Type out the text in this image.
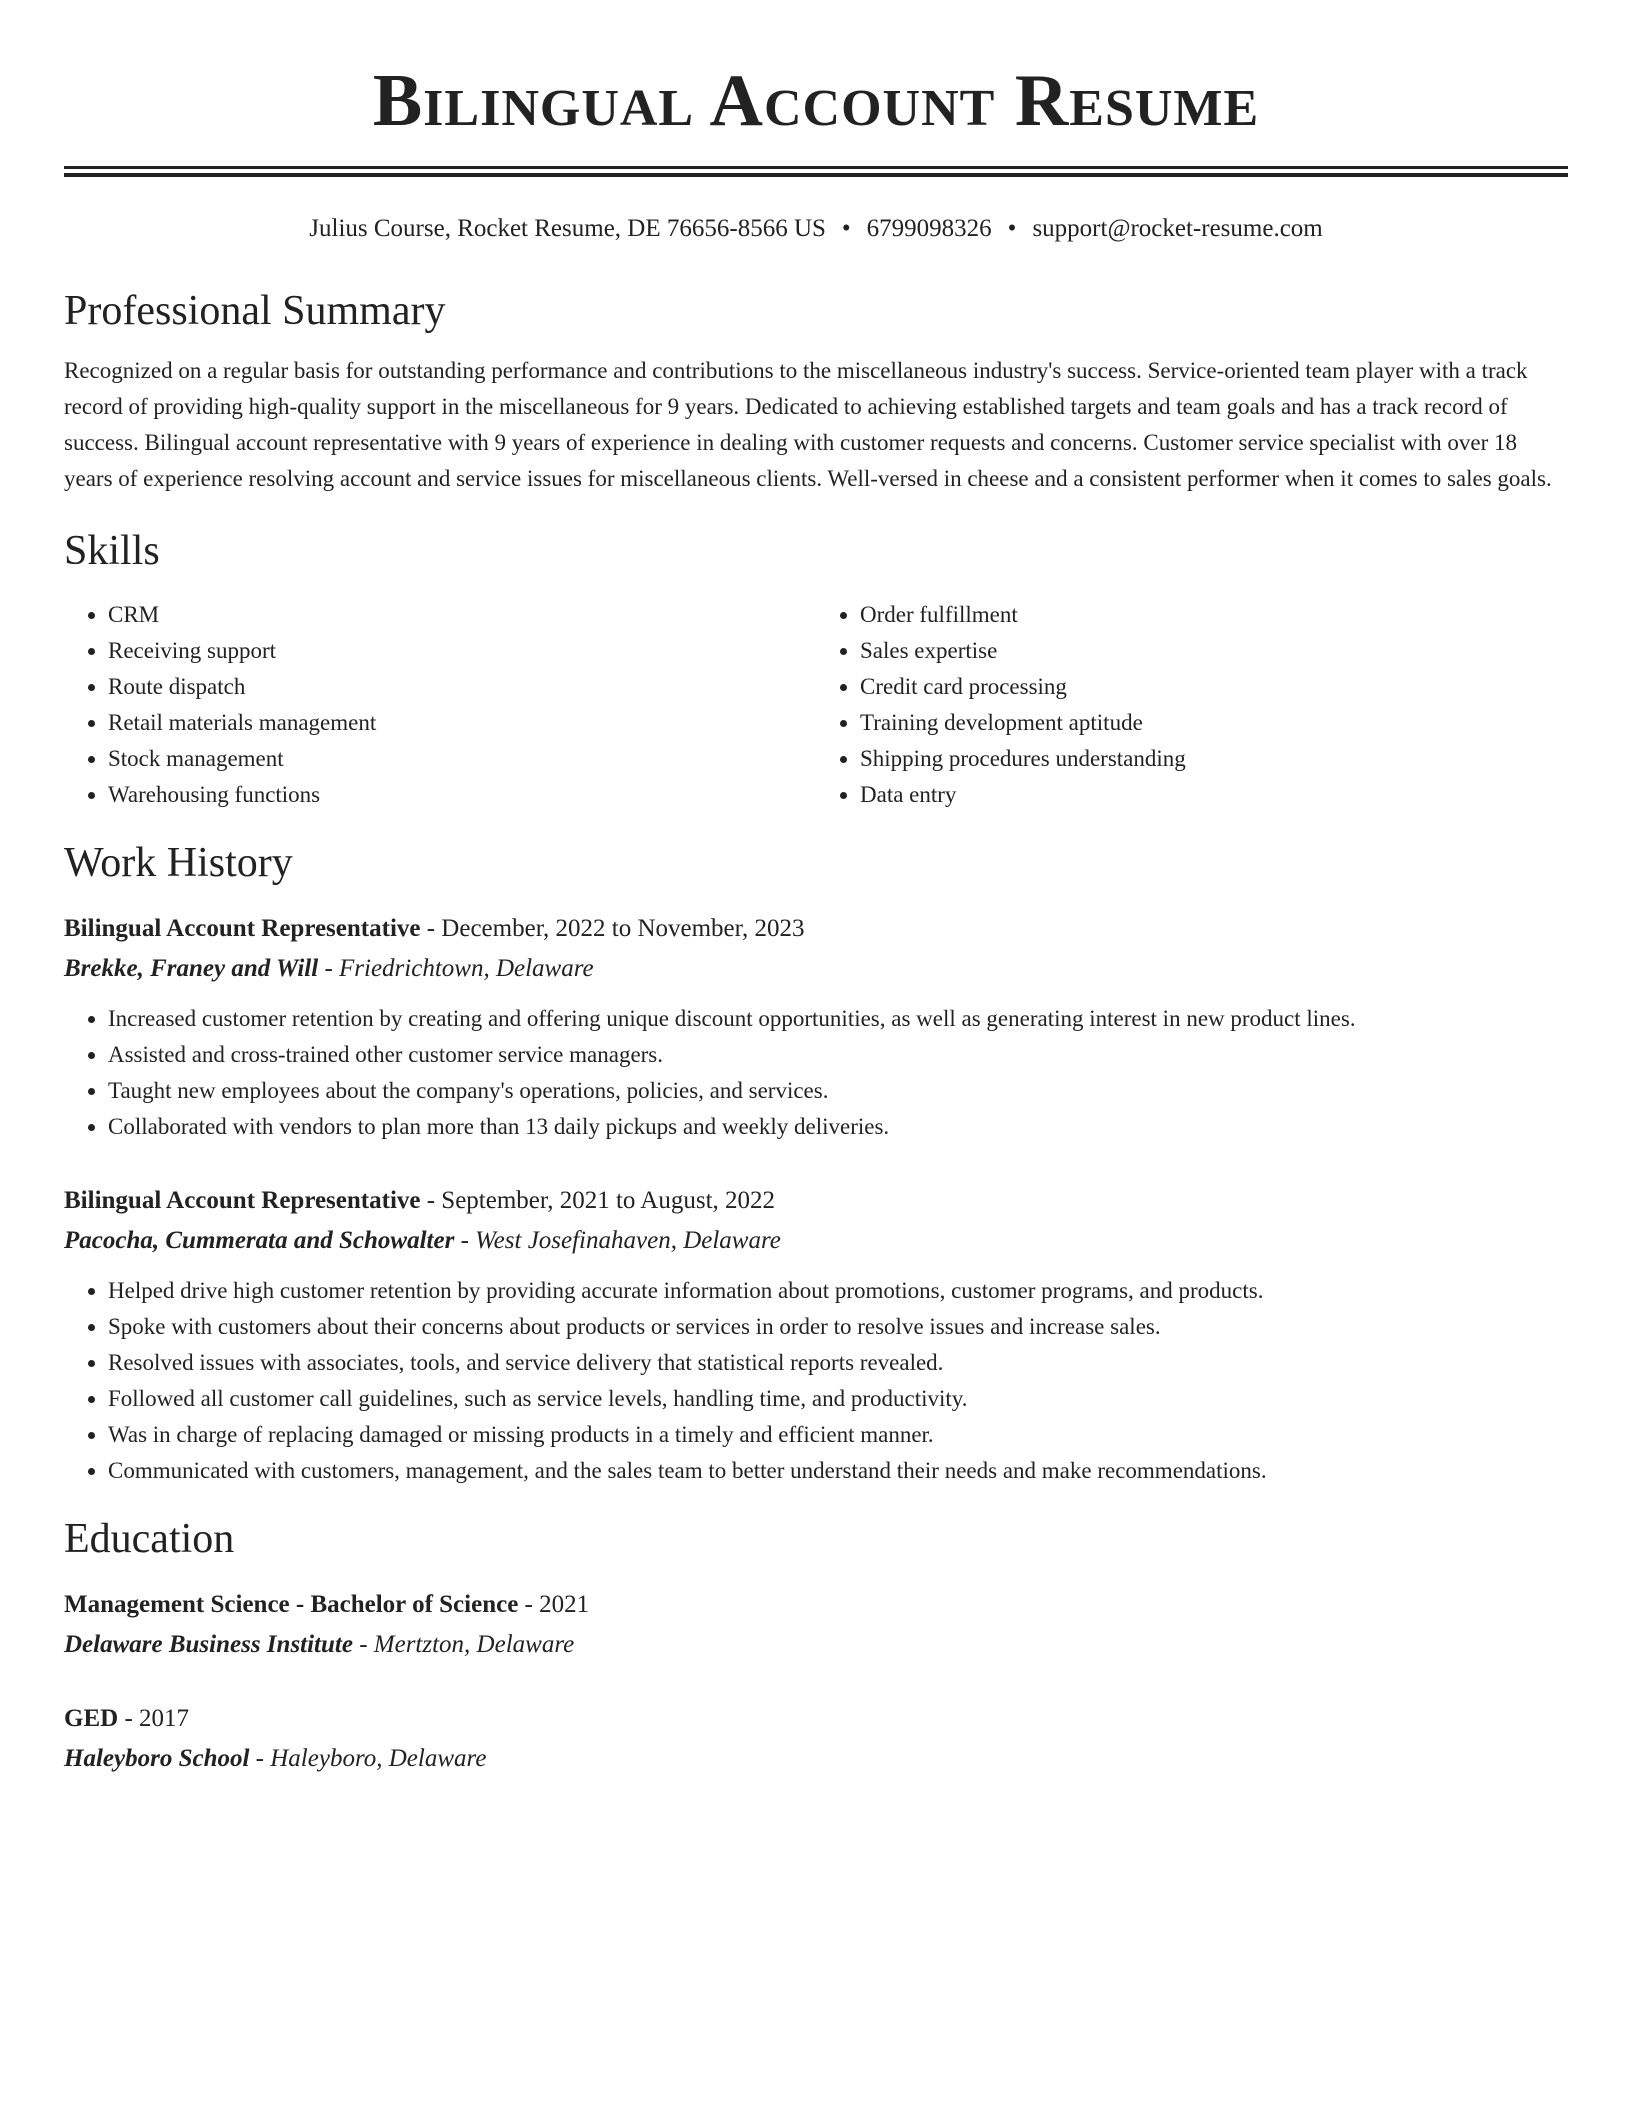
Bilingual Account Resume
Julius Course, Rocket Resume, DE 76656-8566 US • 6799098326 • support@rocket-resume.com
Professional Summary

Recognized on a regular basis for outstanding performance and contributions to the miscellaneous industry's success. Service-oriented team player with a track record of providing high-quality support in the miscellaneous for 9 years. Dedicated to achieving established targets and team goals and has a track record of success. Bilingual account representative with 9 years of experience in dealing with customer requests and concerns. Customer service specialist with over 18 years of experience resolving account and service issues for miscellaneous clients. Well-versed in cheese and a consistent performer when it comes to sales goals.

Skills
• CRM
• Receiving support
• Route dispatch
• Retail materials management
• Stock management
• Warehousing functions
• Order fulfillment
• Sales expertise
• Credit card processing
• Training development aptitude
• Shipping procedures understanding
• Data entry
Work History
Bilingual Account Representative - December, 2022 to November, 2023
Brekke, Franey and Will - Friedrichtown, Delaware
• Increased customer retention by creating and offering unique discount opportunities, as well as generating interest in new product lines.
• Assisted and cross-trained other customer service managers.
• Taught new employees about the company's operations, policies, and services.
• Collaborated with vendors to plan more than 13 daily pickups and weekly deliveries.
Bilingual Account Representative - September, 2021 to August, 2022
Pacocha, Cummerata and Schowalter - West Josefinahaven, Delaware
• Helped drive high customer retention by providing accurate information about promotions, customer programs, and products.
• Spoke with customers about their concerns about products or services in order to resolve issues and increase sales.
• Resolved issues with associates, tools, and service delivery that statistical reports revealed.
• Followed all customer call guidelines, such as service levels, handling time, and productivity.
• Was in charge of replacing damaged or missing products in a timely and efficient manner.
• Communicated with customers, management, and the sales team to better understand their needs and make recommendations.
Education
Management Science - Bachelor of Science - 2021
Delaware Business Institute - Mertzton, Delaware
GED - 2017
Haleyboro School - Haleyboro, Delaware
